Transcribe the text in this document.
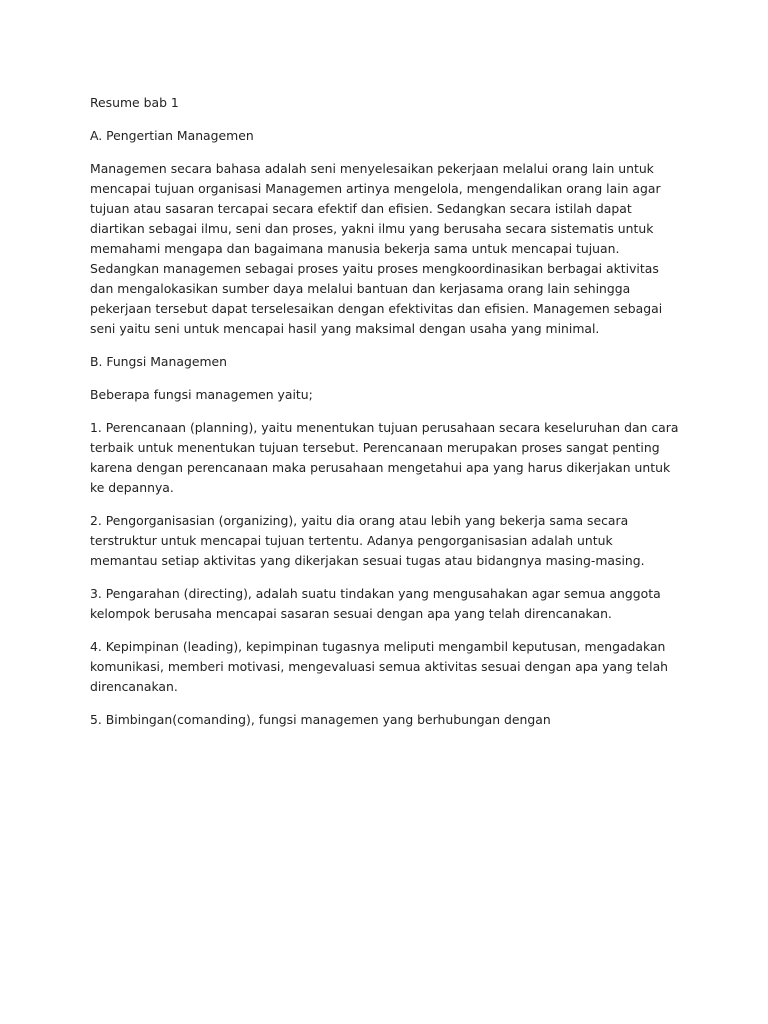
Resume bab 1

A. Pengertian Managemen

Managemen secara bahasa adalah seni menyelesaikan pekerjaan melalui orang lain untuk mencapai tujuan organisasi Managemen artinya mengelola, mengendalikan orang lain agar tujuan atau sasaran tercapai secara efektif dan efisien. Sedangkan secara istilah dapat diartikan sebagai ilmu, seni dan proses, yakni ilmu yang berusaha secara sistematis untuk memahami mengapa dan bagaimana manusia bekerja sama untuk mencapai tujuan. Sedangkan managemen sebagai proses yaitu proses mengkoordinasikan berbagai aktivitas dan mengalokasikan sumber daya melalui bantuan dan kerjasama orang lain sehingga pekerjaan tersebut dapat terselesaikan dengan efektivitas dan efisien. Managemen sebagai seni yaitu seni untuk mencapai hasil yang maksimal dengan usaha yang minimal.

B. Fungsi Managemen

Beberapa fungsi managemen yaitu;

1. Perencanaan (planning), yaitu menentukan tujuan perusahaan secara keseluruhan dan cara terbaik untuk menentukan tujuan tersebut. Perencanaan merupakan proses sangat penting karena dengan perencanaan maka perusahaan mengetahui apa yang harus dikerjakan untuk ke depannya.

2. Pengorganisasian (organizing), yaitu dia orang atau lebih yang bekerja sama secara terstruktur untuk mencapai tujuan tertentu. Adanya pengorganisasian adalah untuk memantau setiap aktivitas yang dikerjakan sesuai tugas atau bidangnya masing-masing.

3. Pengarahan (directing), adalah suatu tindakan yang mengusahakan agar semua anggota kelompok berusaha mencapai sasaran sesuai dengan apa yang telah direncanakan.

4. Kepimpinan (leading), kepimpinan tugasnya meliputi mengambil keputusan, mengadakan komunikasi, memberi motivasi, mengevaluasi semua aktivitas sesuai dengan apa yang telah direncanakan.

5. Bimbingan(comanding), fungsi managemen yang berhubungan dengan
